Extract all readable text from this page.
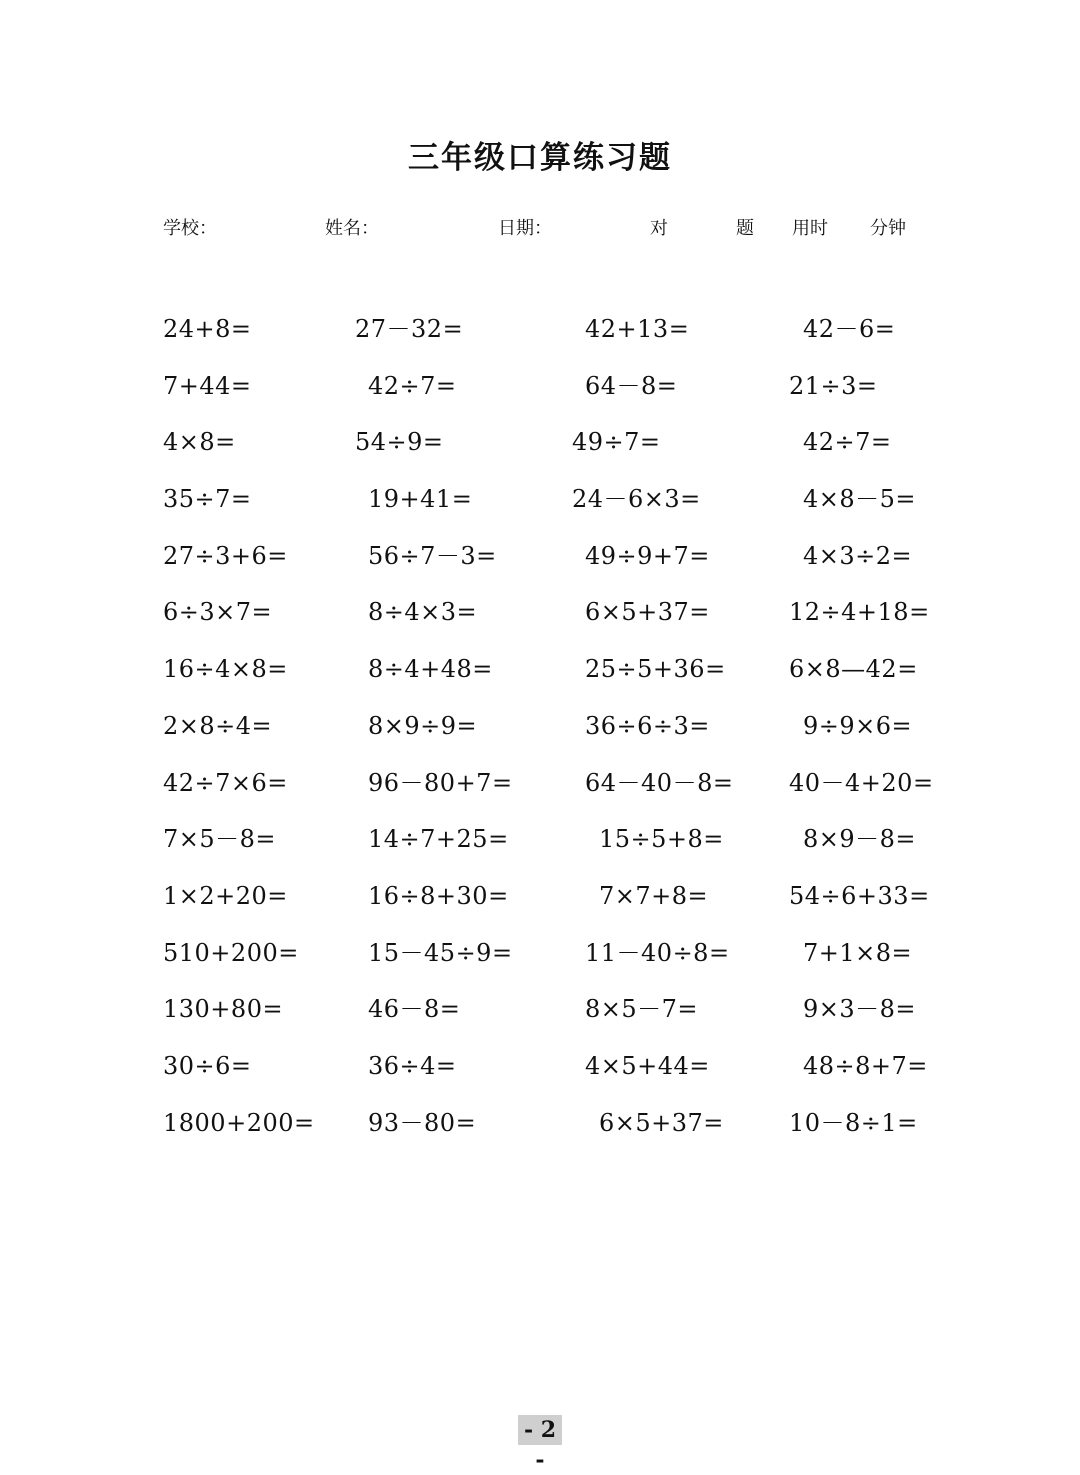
三年级口算练习题
学校：	姓名：	日期：	对	题 用时 分钟
24+8=	27－32=	42+13=	42－6=
7+44=	42÷7=	64－8=	21÷3=
4×8=	54÷9=	49÷7=	42÷7=
35÷7=	19+41=	24－6×3=	4×8－5=
27÷3+6=	56÷7－3=	49÷9+7=	4×3÷2=
6÷3×7=	8÷4×3=	6×5+37=	12÷4+18=
16÷4×8=	8÷4+48=	25÷5+36=	6×8—42=
2×8÷4=	8×9÷9=	36÷6÷3=	9÷9×6=
42÷7×6=	96－80+7=	64－40－8= 40－4+20=
7×5－8=	14÷7+25=	15÷5+8=	8×9－8=
1×2+20=	16÷8+30=	7×7+8=	54÷6+33=
510+200=	15－45÷9=	11－40÷8=	7+1×8=
130+80=	46－8=	8×5－7=	9×3－8=
30÷6=	36÷4=	4×5+44=	48÷8+7=
1800+200= 93－80=	6×5+37=	10－8÷1=
- 2 -
